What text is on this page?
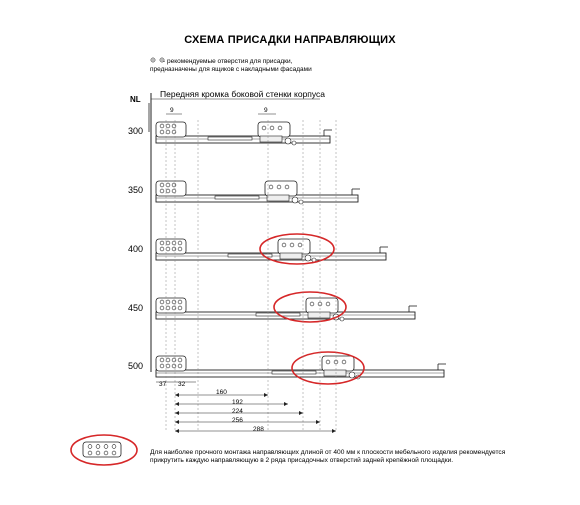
СХЕМА ПРИСАДКИ НАПРАВЛЯЮЩИХ
- рекомендуемые отверстия для присадки,
предназначены для ящиков с накладными фасадами
Передняя кромка боковой стенки корпуса
NL
300
350
400
450
500
9	9
37 32
160
192
224
256
288
Для наиболее прочного монтажа направляющих длиной от 400 мм к плоскости мебельного изделия рекомендуется
прикрутить каждую направляющую в 2 ряда присадочных отверстий задней крепёжной площадки.
